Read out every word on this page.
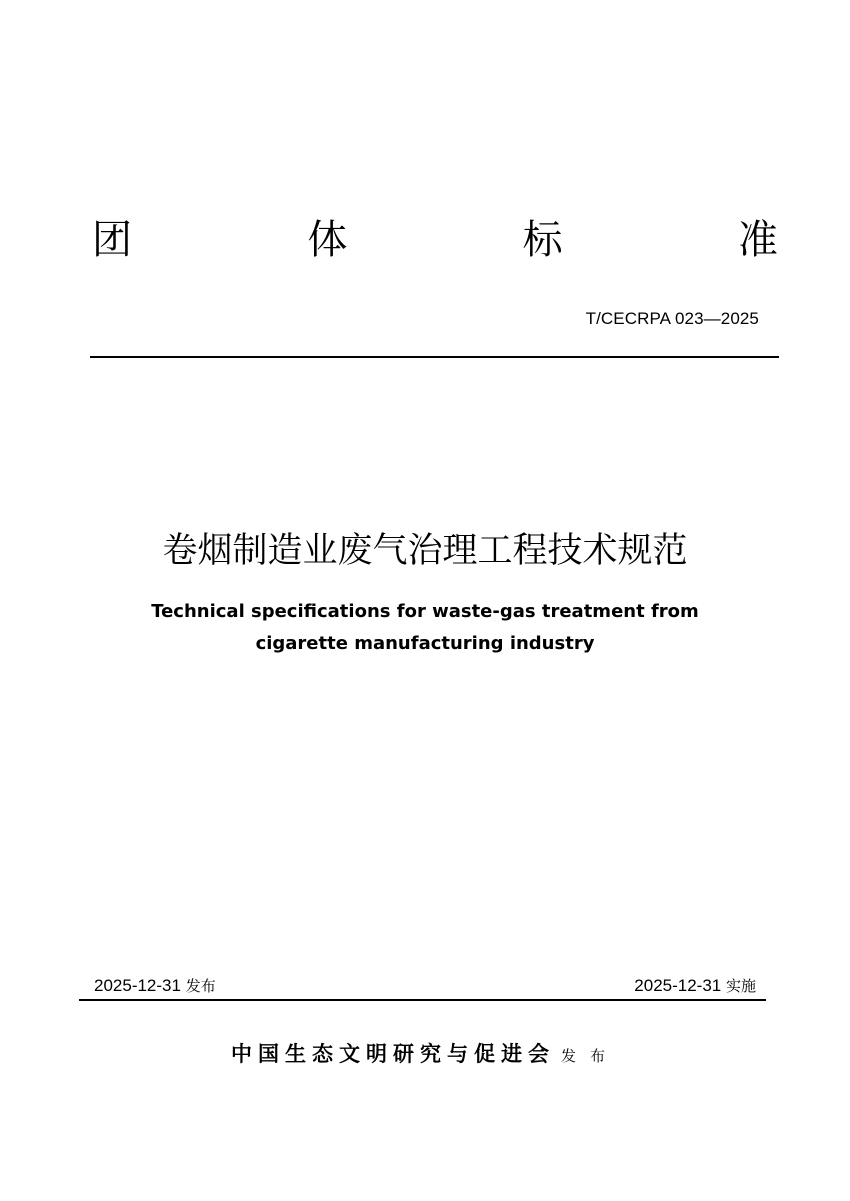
团	体	标	准
T/CECRPA 023—2025
卷烟制造业废气治理工程技术规范
Technical specifications for waste-gas treatment from
cigarette manufacturing industry
2025-12-31 发布	2025-12-31 实施
中国生态文明研究与促进会 发布
